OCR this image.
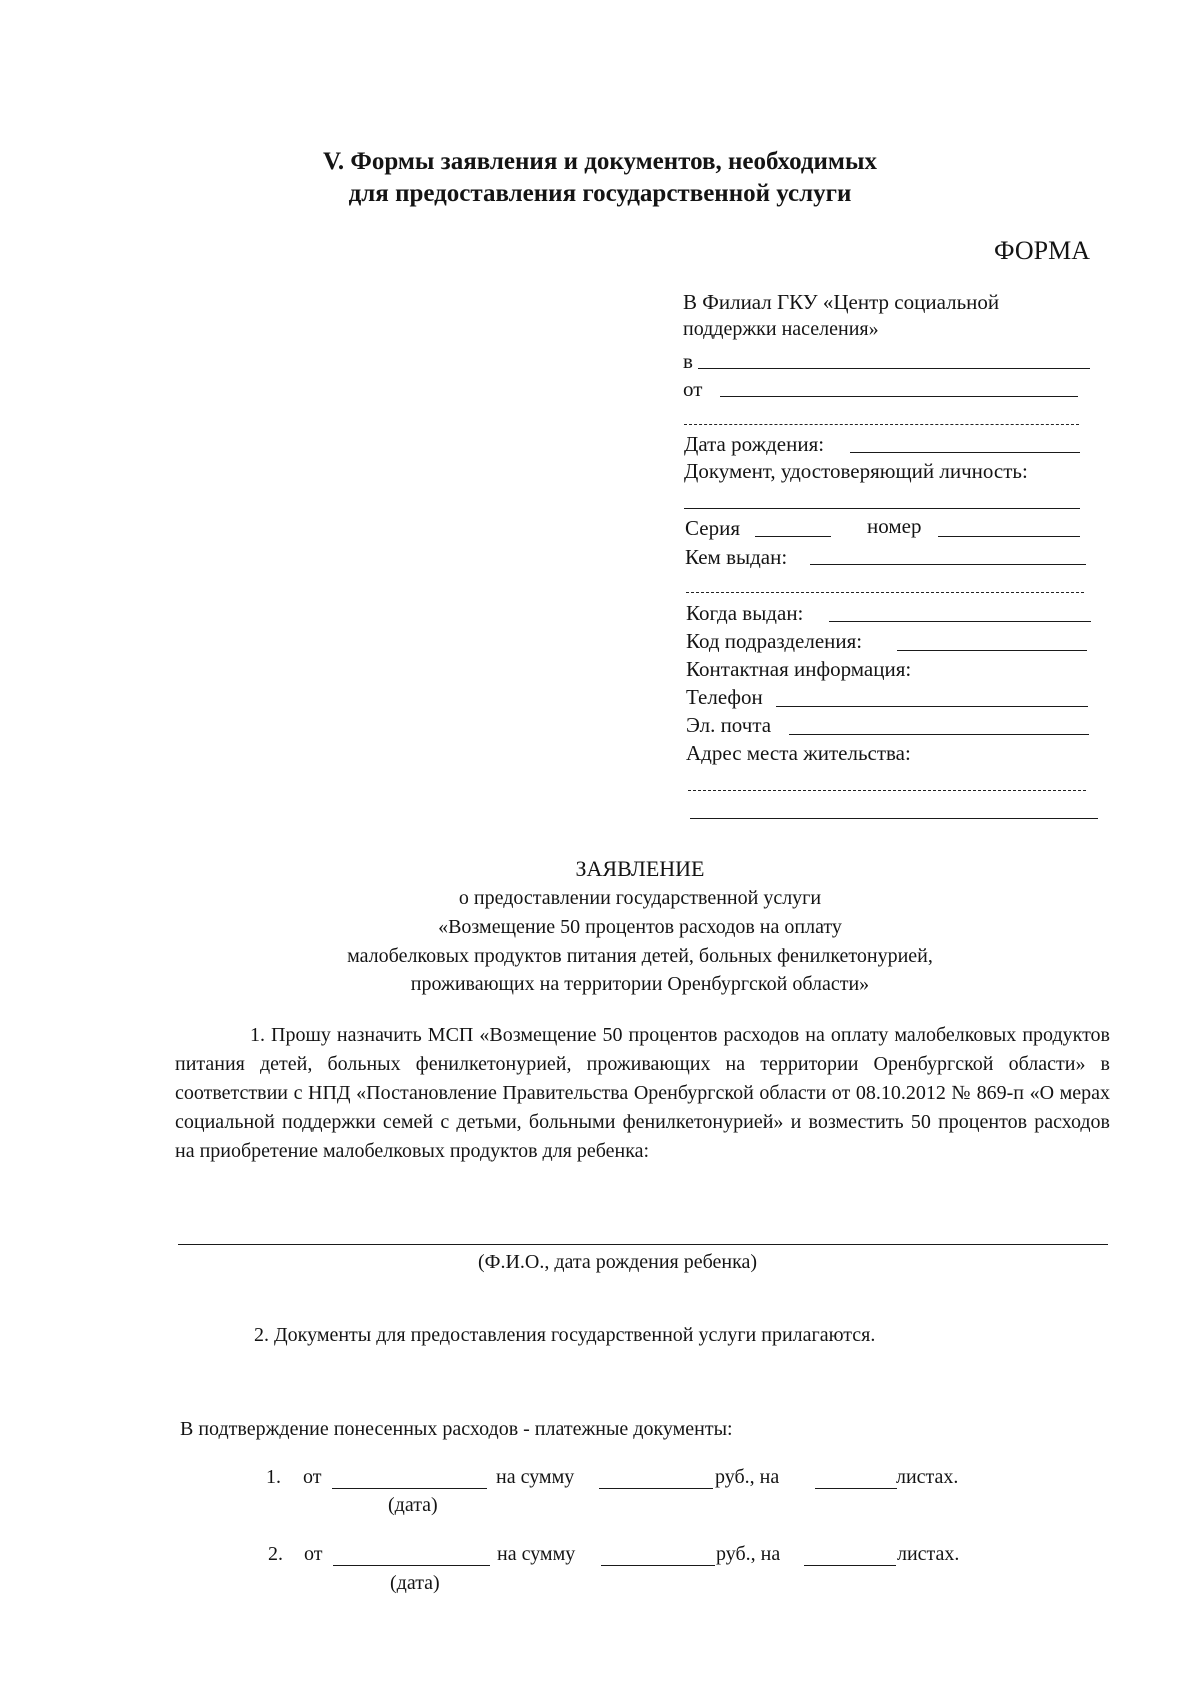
V. Формы заявления и документов, необходимых
для предоставления государственной услуги
ФОРМА
В Филиал ГКУ «Центр социальной
поддержки населения»
в
от
Дата рождения:
Документ, удостоверяющий личность:
Серия	номер
Кем выдан:
Когда выдан:
Код подразделения:
Контактная информация:
Телефон
Эл. почта
Адрес места жительства:
ЗАЯВЛЕНИЕ
о предоставлении государственной услуги
«Возмещение 50 процентов расходов на оплату
малобелковых продуктов питания детей, больных фенилкетонурией,
проживающих на территории Оренбургской области»
1. Прошу назначить МСП «Возмещение 50 процентов расходов на оплату малобелковых продуктов питания детей, больных фенилкетонурией, проживающих на территории Оренбургской области» в соответствии с НПД «Постановление Правительства Оренбургской области от 08.10.2012 № 869-п «О мерах социальной поддержки семей с детьми, больными фенилкетонурией» и возместить 50 процентов расходов на приобретение малобелковых продуктов для ребенка:
(Ф.И.О., дата рождения ребенка)
2. Документы для предоставления государственной услуги прилагаются.
В подтверждение понесенных расходов - платежные документы:
1. от	на сумму	руб., на	листах.
(дата)
2. от	на сумму	руб., на	листах.
(дата)
